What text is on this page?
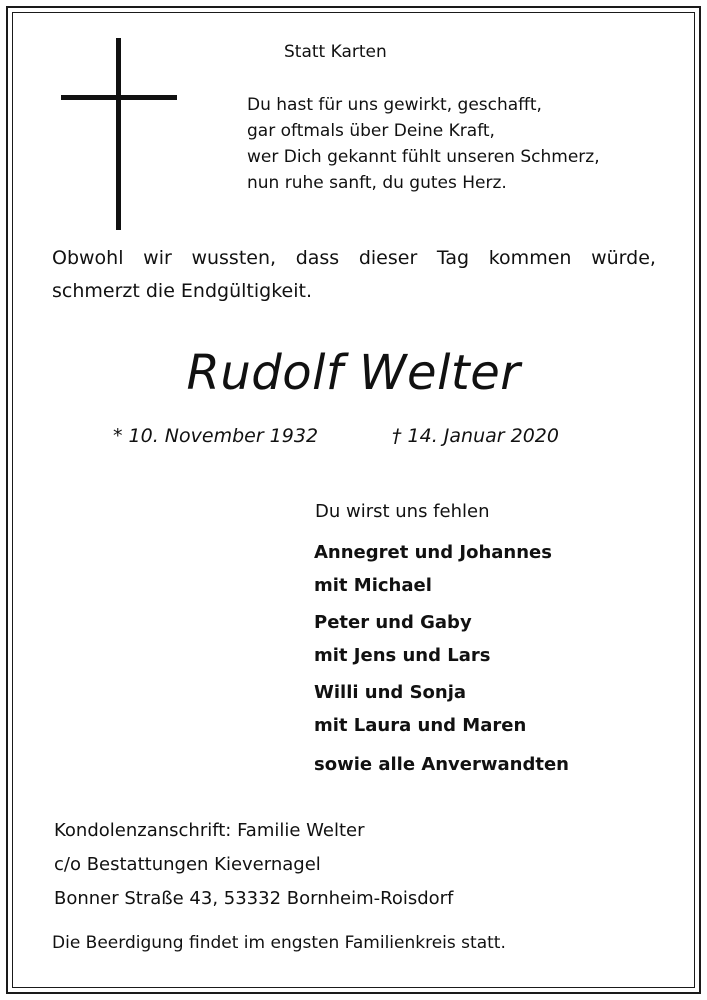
Statt Karten
Du hast für uns gewirkt, geschafft,
gar oftmals über Deine Kraft,
wer Dich gekannt fühlt unseren Schmerz,
nun ruhe sanft, du gutes Herz.
Obwohl wir wussten, dass dieser Tag kommen würde,
schmerzt die Endgültigkeit.
Rudolf Welter
* 10. November 1932	† 14. Januar 2020
Du wirst uns fehlen
Annegret und Johannes
mit Michael
Peter und Gaby
mit Jens und Lars
Willi und Sonja
mit Laura und Maren
sowie alle Anverwandten
Kondolenzanschrift: Familie Welter
c/o Bestattungen Kievernagel
Bonner Straße 43, 53332 Bornheim-Roisdorf
Die Beerdigung findet im engsten Familienkreis statt.
